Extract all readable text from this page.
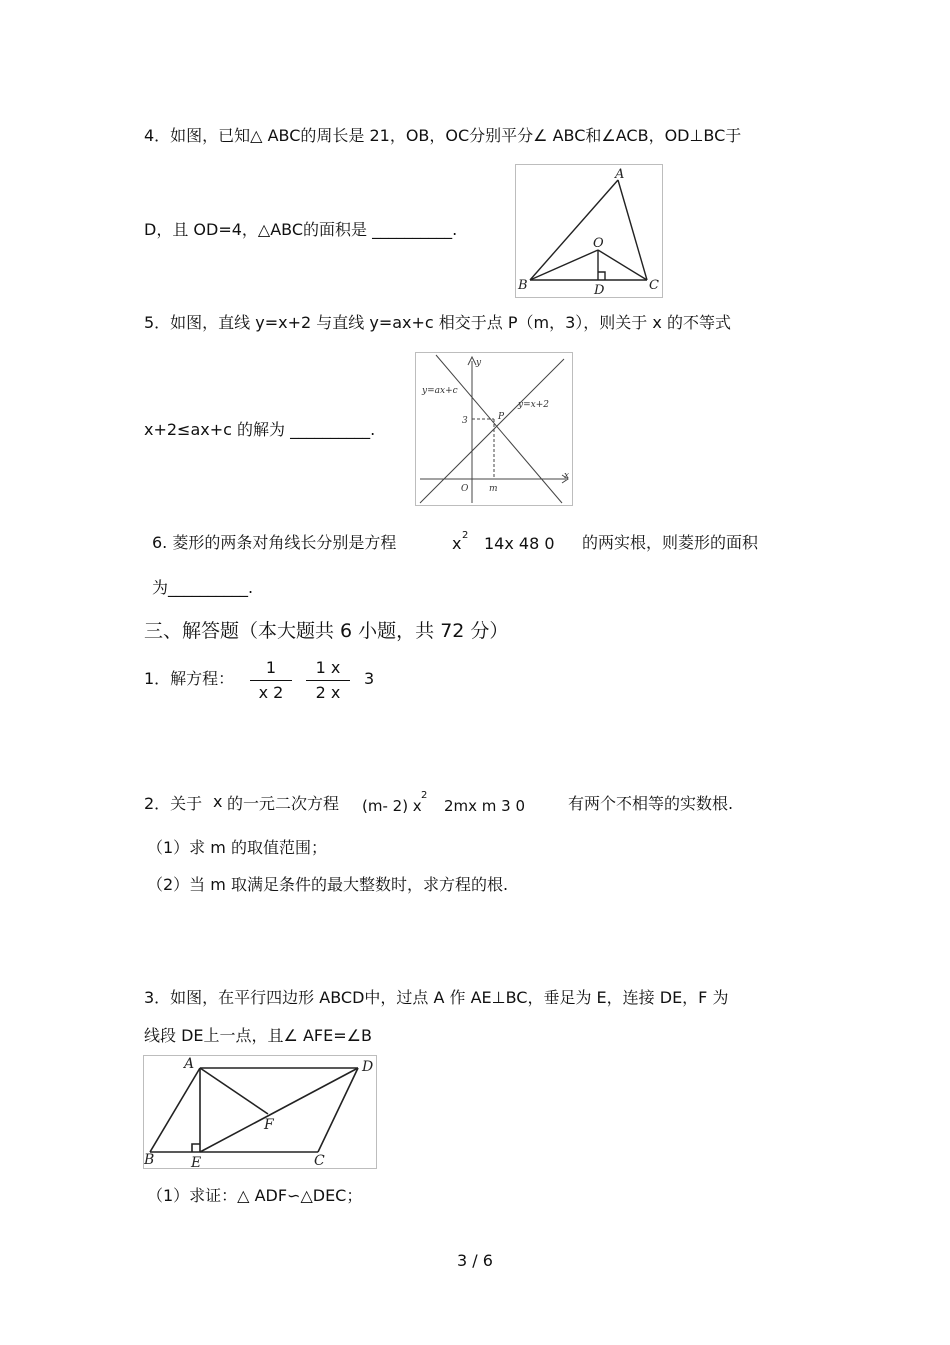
4．如图，已知△ ABC的周长是 21，OB，OC分别平分∠ ABC和∠ACB，OD⊥BC于
D，且 OD=4，△ABC的面积是 __________.
A
B	C
D
O
5．如图，直线 y=x+2 与直线 y=ax+c 相交于点 P（m，3），则关于 x 的不等式
x+2≤ax+c 的解为 __________.
y=ax+c
y=x+2
y
x
3	P
O m
6. 菱形的两条对角线长分别是方程	x 2 14x 48 0 的两实根，则菱形的面积
为__________.
三、解答题（本大题共 6 小题，共 72 分）
1．解方程：
1
x 2
1 x
2 x
3
2．关于 x 的一元二次方程 (m- 2) x
2
2mx m 3 0	有两个不相等的实数根.
（1）求 m 的取值范围；
（2）当 m 取满足条件的最大整数时，求方程的根.
3．如图，在平行四边形 ABCD中，过点 A 作 AE⊥BC，垂足为 E，连接 DE，F 为
线段 DE上一点，且∠ AFE=∠B
A	D
B	E	C
F
（1）求证：△ ADF∽△DEC；
3 / 6
